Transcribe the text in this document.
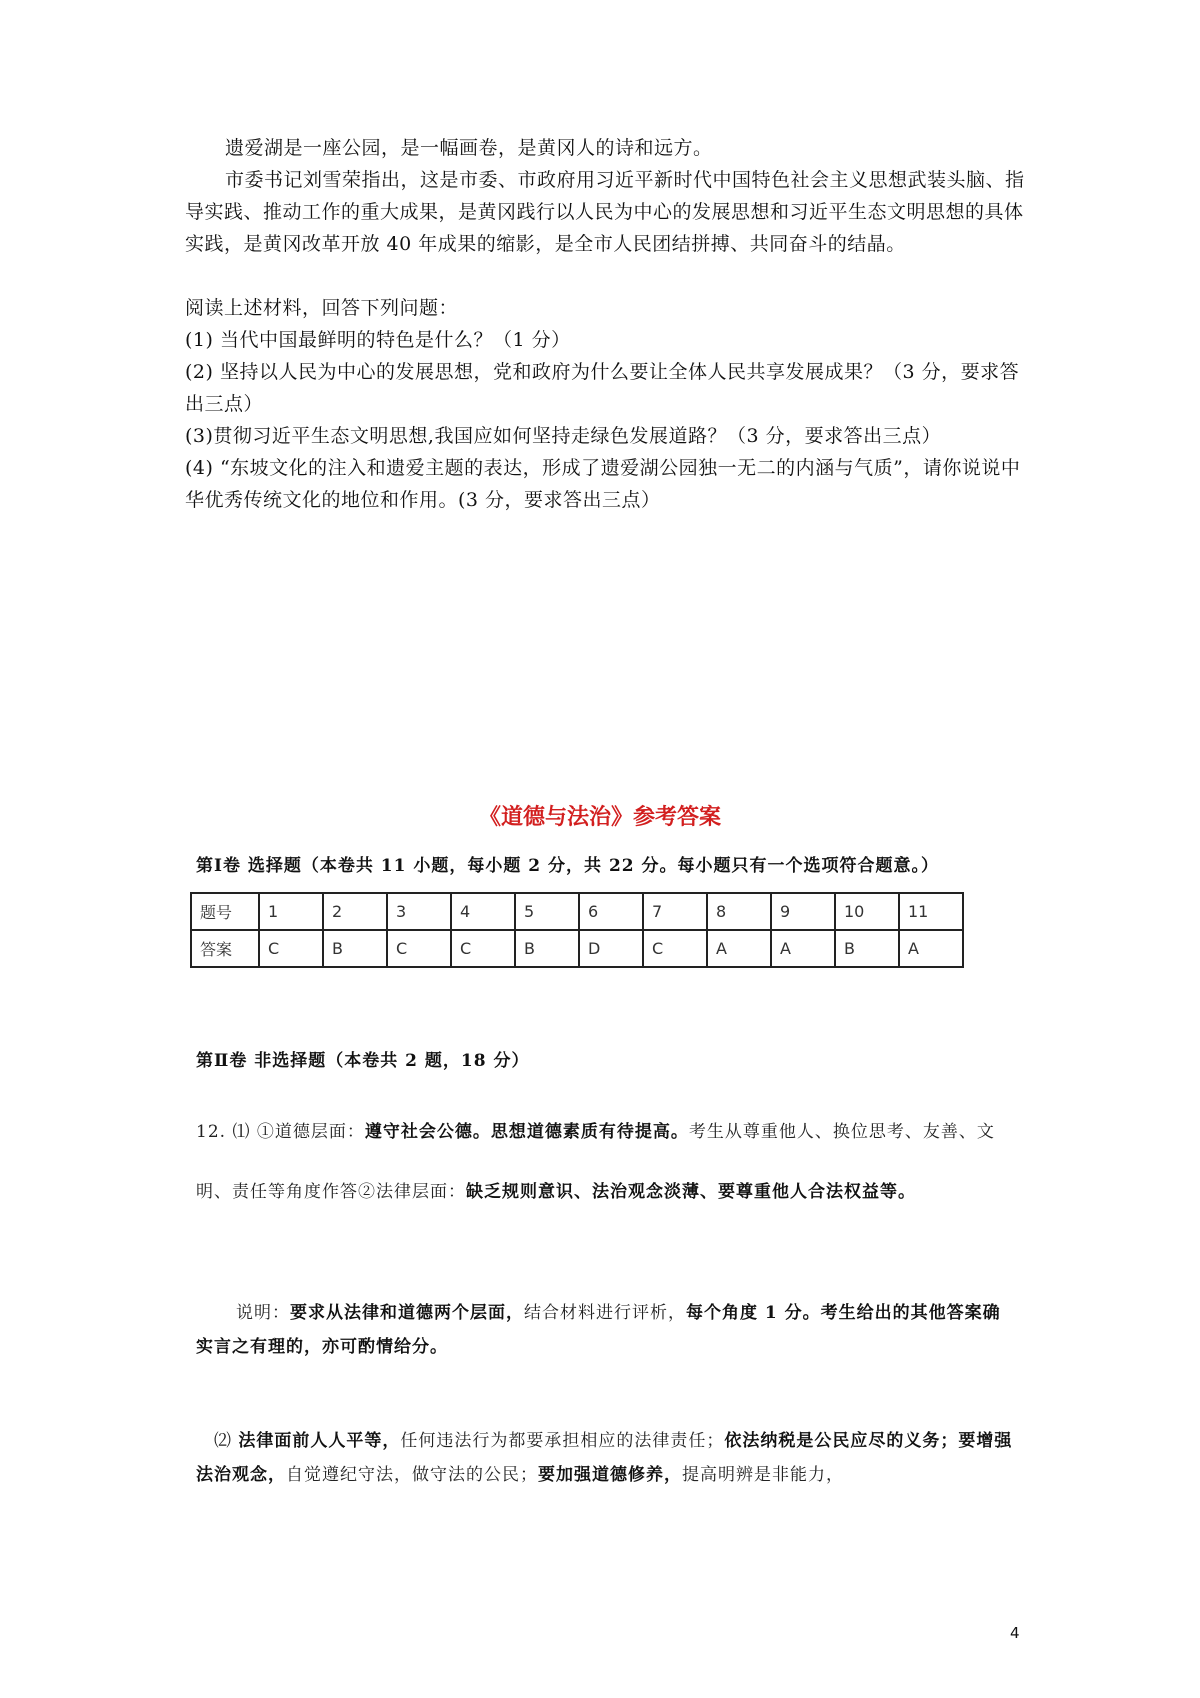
遗爱湖是一座公园，是一幅画卷，是黄冈人的诗和远方。
市委书记刘雪荣指出，这是市委、市政府用习近平新时代中国特色社会主义思想武装头脑、指导实践、推动工作的重大成果，是黄冈践行以人民为中心的发展思想和习近平生态文明思想的具体实践，是黄冈改革开放 40 年成果的缩影，是全市人民团结拼搏、共同奋斗的结晶。
阅读上述材料，回答下列问题：
(1) 当代中国最鲜明的特色是什么？（1 分）
(2) 坚持以人民为中心的发展思想，党和政府为什么要让全体人民共享发展成果？（3 分，要求答出三点）
(3)贯彻习近平生态文明思想,我国应如何坚持走绿色发展道路？（3 分，要求答出三点）
(4) “东坡文化的注入和遗爱主题的表达，形成了遗爱湖公园独一无二的内涵与气质”，请你说说中华优秀传统文化的地位和作用。(3 分，要求答出三点）
《道德与法治》参考答案
第Ⅰ卷 选择题（本卷共 11 小题，每小题 2 分，共 22 分。每小题只有一个选项符合题意。）
题号	1	2	3	4	5	6	7	8	9	10	11
答案	C	B	C	C	B	D	C	A	A	B	A
第Ⅱ卷 非选择题（本卷共 2 题，18 分）
12. ⑴ ①道德层面：遵守社会公德。思想道德素质有待提高。考生从尊重他人、换位思考、友善、文明、责任等角度作答②法律层面：缺乏规则意识、法治观念淡薄、要尊重他人合法权益等。
说明：要求从法律和道德两个层面，结合材料进行评析，每个角度 1 分。考生给出的其他答案确实言之有理的，亦可酌情给分。
⑵ 法律面前人人平等，任何违法行为都要承担相应的法律责任；依法纳税是公民应尽的义务；要增强法治观念，自觉遵纪守法，做守法的公民；要加强道德修养，提高明辨是非能力，
4
